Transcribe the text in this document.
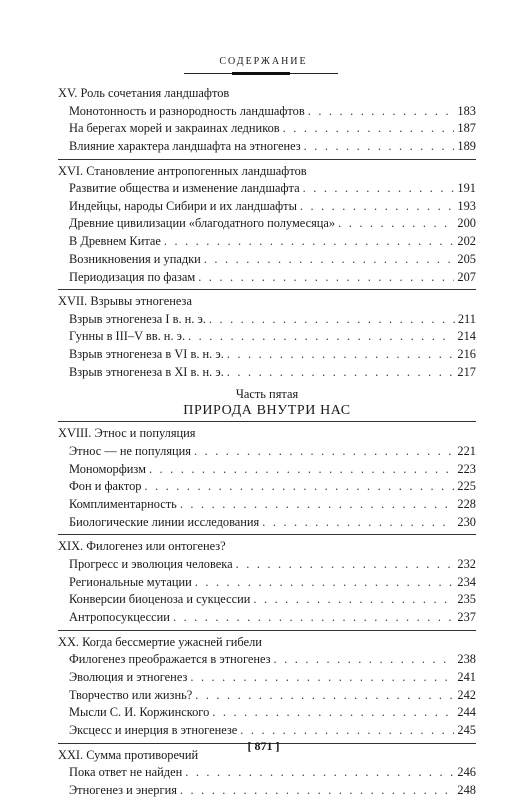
СОДЕРЖАНИЕ
XV. Роль сочетания ландшафтов
Монотонность и разнородность ландшафтов . . .	183
На берегах морей и закраинах ледников . . .	187
Влияние характера ландшафта на этногенез . . .	189
XVI. Становление антропогенных ландшафтов
Развитие общества и изменение ландшафта . . .	191
Индейцы, народы Сибири и их ландшафты . . .	193
Древние цивилизации «благодатного полумесяца» . . .	200
В Древнем Китае . . .	202
Возникновения и упадки . . .	205
Периодизация по фазам . . .	207
XVII. Взрывы этногенеза
Взрыв этногенеза I в. н. э. . . .	211
Гунны в III–V вв. н. э. . . .	214
Взрыв этногенеза в VI в. н. э. . . .	216
Взрыв этногенеза в XI в. н. э. . . .	217
Часть пятая
ПРИРОДА ВНУТРИ НАС
XVIII. Этнос и популяция
Этнос — не популяция . . .	221
Мономорфизм . . .	223
Фон и фактор . . .	225
Комплиментарность . . .	228
Биологические линии исследования . . .	230
XIX. Филогенез или онтогенез?
Прогресс и эволюция человека . . .	232
Региональные мутации . . .	234
Конверсии биоценоза и сукцессии . . .	235
Антропосукцессии . . .	237
XX. Когда бессмертие ужасней гибели
Филогенез преображается в этногенез . . .	238
Эволюция и этногенез . . .	241
Творчество или жизнь? . . .	242
Мысли С. И. Коржинского . . .	244
Эксцесс и инерция в этногенезе . . .	245
XXI. Сумма противоречий
Пока ответ не найден . . .	246
Этногенез и энергия . . .	248
[ 871 ]
